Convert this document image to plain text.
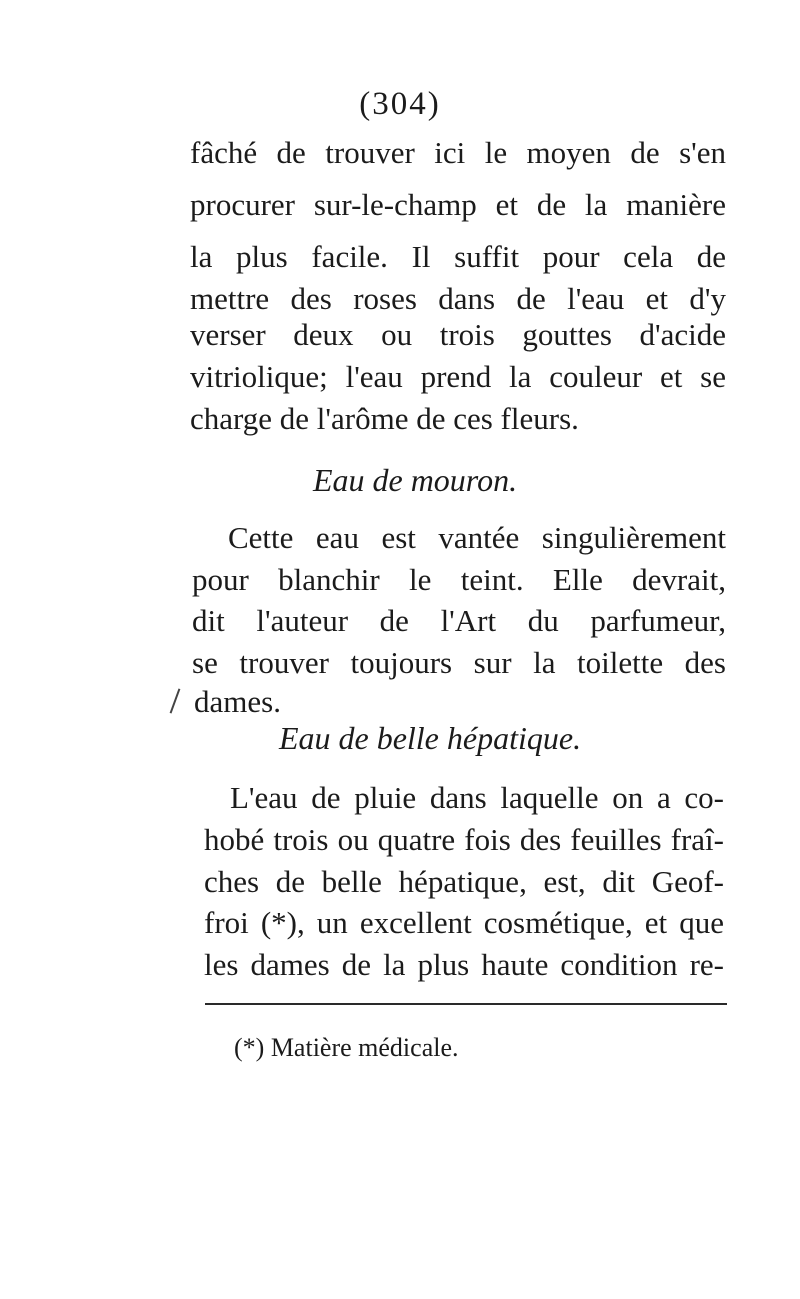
(304)
fâché de trouver ici le moyen de s'en
procurer sur-le-champ et de la manière
la plus facile. Il suffit pour cela de
mettre des roses dans de l'eau et d'y
verser deux ou trois gouttes d'acide
vitriolique; l'eau prend la couleur et se
charge de l'arôme de ces fleurs.
Eau de mouron.
Cette eau est vantée singulièrement
pour blanchir le teint. Elle devrait,
dit l'auteur de l'Art du parfumeur,
se trouver toujours sur la toilette des
dames.
Eau de belle hépatique.
L'eau de pluie dans laquelle on a co-
hobé trois ou quatre fois des feuilles fraî-
ches de belle hépatique, est, dit Geof-
froi (*), un excellent cosmétique, et que
les dames de la plus haute condition re-
(*) Matière médicale.
